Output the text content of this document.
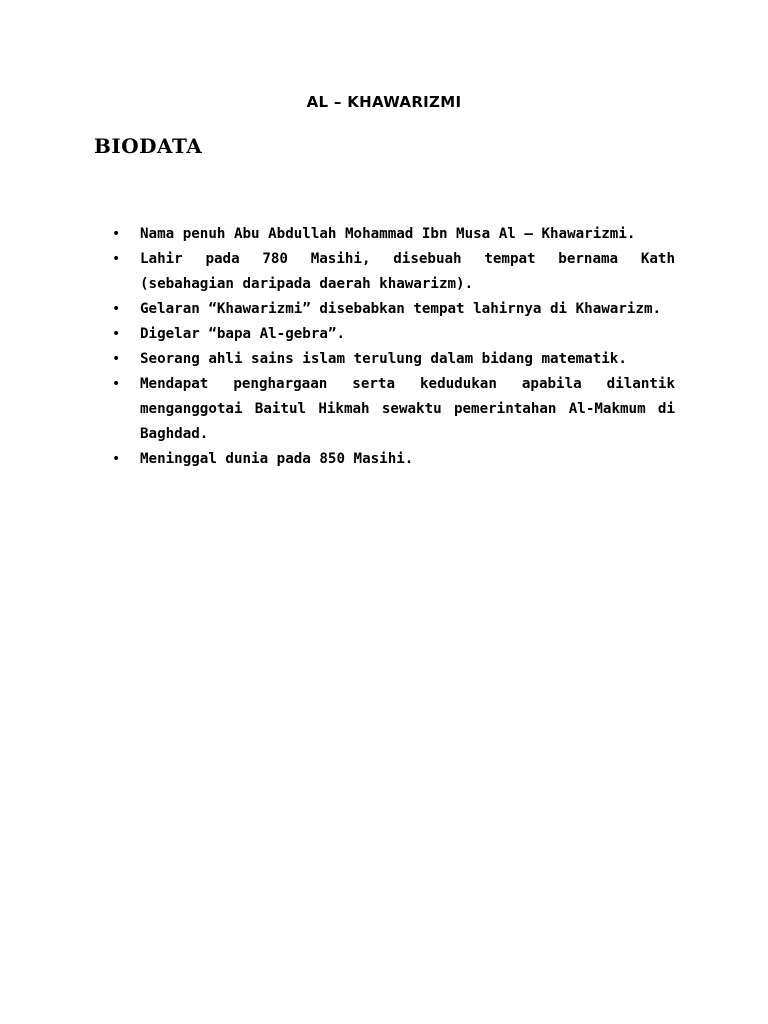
AL – KHAWARIZMI
BIODATA
• Nama penuh Abu Abdullah Mohammad Ibn Musa Al – Khawarizmi.
• Lahir pada 780 Masihi, disebuah tempat bernama Kath (sebahagian daripada daerah khawarizm).
• Gelaran “Khawarizmi” disebabkan tempat lahirnya di Khawarizm.
• Digelar “bapa Al-gebra”.
• Seorang ahli sains islam terulung dalam bidang matematik.
• Mendapat penghargaan serta kedudukan apabila dilantik menganggotai Baitul Hikmah sewaktu pemerintahan Al-Makmum di Baghdad.
• Meninggal dunia pada 850 Masihi.
